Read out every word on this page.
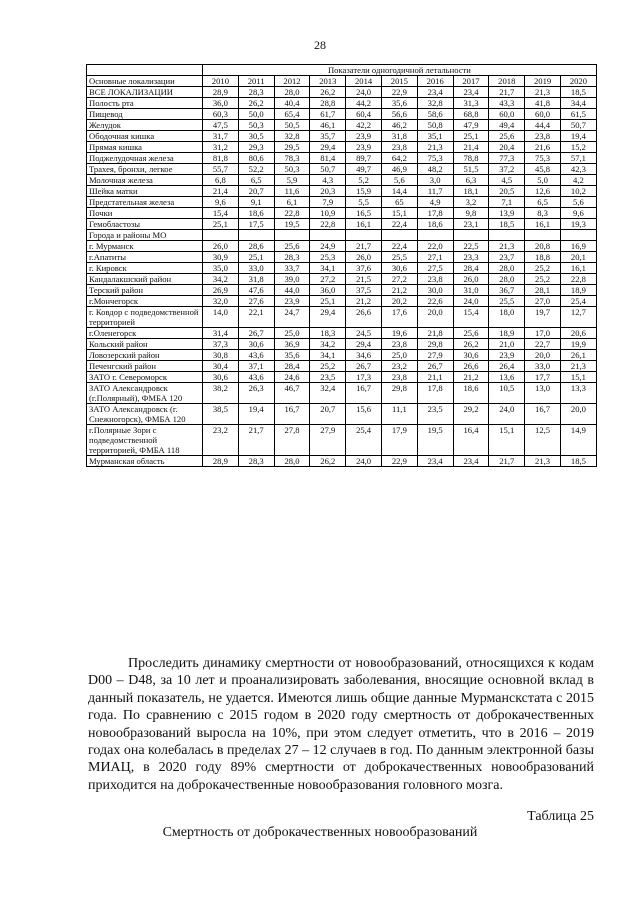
28
	Показатели одногодичной летальности										
Основные локализации	2010	2011	2012	2013	2014	2015	2016	2017	2018	2019	2020
ВСЕ ЛОКАЛИЗАЦИИ	28,9	28,3	28,0	26,2	24,0	22,9	23,4	23,4	21,7	21,3	18,5
Полость рта	36,0	26,2	40,4	28,8	44,2	35,6	32,8	31,3	43,3	41,8	34,4
Пищевод	60,3	50,0	65,4	61,7	60,4	56,6	58,6	68,8	60,0	60,0	61,5
Желудок	47,5	50,3	50,5	46,1	42,2	46,2	50,8	47,9	49,4	44,4	50,7
Ободочная кишка	31,7	30,5	32,8	35,7	23,9	31,8	35,1	25,1	25,6	23,8	19,4
Прямая кишка	31,2	29,3	29,5	29,4	23,9	23,8	21,3	21,4	20,4	21,6	15,2
Поджелудочная железа	81,8	80,6	78,3	81,4	89,7	64,2	75,3	78,8	77,3	75,3	57,1
Трахея, бронхи, легкое	55,7	52,2	50,3	50,7	49,7	46,9	48,2	51,5	37,2	45,8	42,3
Молочная железа	6,8	6,5	5,9	4,3	5,2	5,6	3,0	6,3	4,5	5,0	4,2
Шейка матки	21,4	20,7	11,6	20,3	15,9	14,4	11,7	18,1	20,5	12,6	10,2
Предстательная железа	9,6	9,1	6,1	7,9	5,5	65	4,9	3,2	7,1	6,5	5,6
Почки	15,4	18,6	22,8	10,9	16,5	15,1	17,8	9,8	13,9	8,3	9,6
Гемобластозы	25,1	17,5	19,5	22,8	16,1	22,4	18,6	23,1	18,5	16,1	19,3
Города и районы МО											
г. Мурманск	26,0	28,6	25,6	24,9	21,7	22,4	22,0	22,5	21,3	20,8	16,9
г.Апатиты	30,9	25,1	28,3	25,3	26,0	25,5	27,1	23,3	23,7	18,8	20,1
г. Кировск	35,0	33,0	33,7	34,1	37,6	30,6	27,5	28,4	28,0	25,2	16,1
Кандалакшский район	34,2	31,8	39,0	27,2	21,5	27,2	23,8	26,0	28,0	25,2	22,8
Терский район	26,9	47,6	44,0	36,0	37,5	21,2	30,0	31,0	36,7	28,1	18,9
г.Мончегорск	32,0	27,6	23,9	25,1	21,2	20,2	22,6	24,0	25,5	27,0	25,4
г. Ковдор с подведомственной территорией	14,0	22,1	24,7	29,4	26,6	17,6	20,0	15,4	18,0	19,7	12,7
г.Оленегорск	31,4	26,7	25,0	18,3	24,5	19,6	21,8	25,6	18,9	17,0	20,6
Кольский район	37,3	30,6	36,9	34,2	29,4	23,8	29,8	26,2	21,0	22,7	19,9
Ловозерский район	30,8	43,6	35,6	34,1	34,6	25,0	27,9	30,6	23,9	20,0	26,1
Печенгский район	30,4	37,1	28,4	25,2	26,7	23,2	26,7	26,6	26,4	33,0	21,3
ЗАТО г. Североморск	30,6	43,6	24,6	23,5	17,3	23,8	21,1	21,2	13,6	17,7	15,1
ЗАТО Александровск (г.Полярный), ФМБА 120	38,2	26,3	46,7	32,4	16,7	29,8	17,8	18,6	10,5	13,0	13,3
ЗАТО Александровск (г. Снежногорск), ФМБА 120	38,5	19,4	16,7	20,7	15,6	11,1	23,5	29,2	24,0	16,7	20,0
г.Полярные Зори с подведомственной территорией, ФМБА 118	23,2	21,7	27,8	27,9	25,4	17,9	19,5	16,4	15,1	12,5	14,9
Мурманская область	28,9	28,3	28,0	26,2	24,0	22,9	23,4	23,4	21,7	21,3	18,5

Проследить динамику смертности от новообразований, относящихся к кодам D00 – D48, за 10 лет и проанализировать заболевания, вносящие основной вклад в данный показатель, не удается. Имеются лишь общие данные Мурманскстата с 2015 года. По сравнению с 2015 годом в 2020 году смертность от доброкачественных новообразований выросла на 10%, при этом следует отметить, что в 2016 – 2019 годах она колебалась в пределах 27 – 12 случаев в год. По данным электронной базы МИАЦ, в 2020 году 89% смертности от доброкачественных новообразований приходится на доброкачественные новообразования головного мозга.

Таблица 25
Смертность от доброкачественных новообразований
